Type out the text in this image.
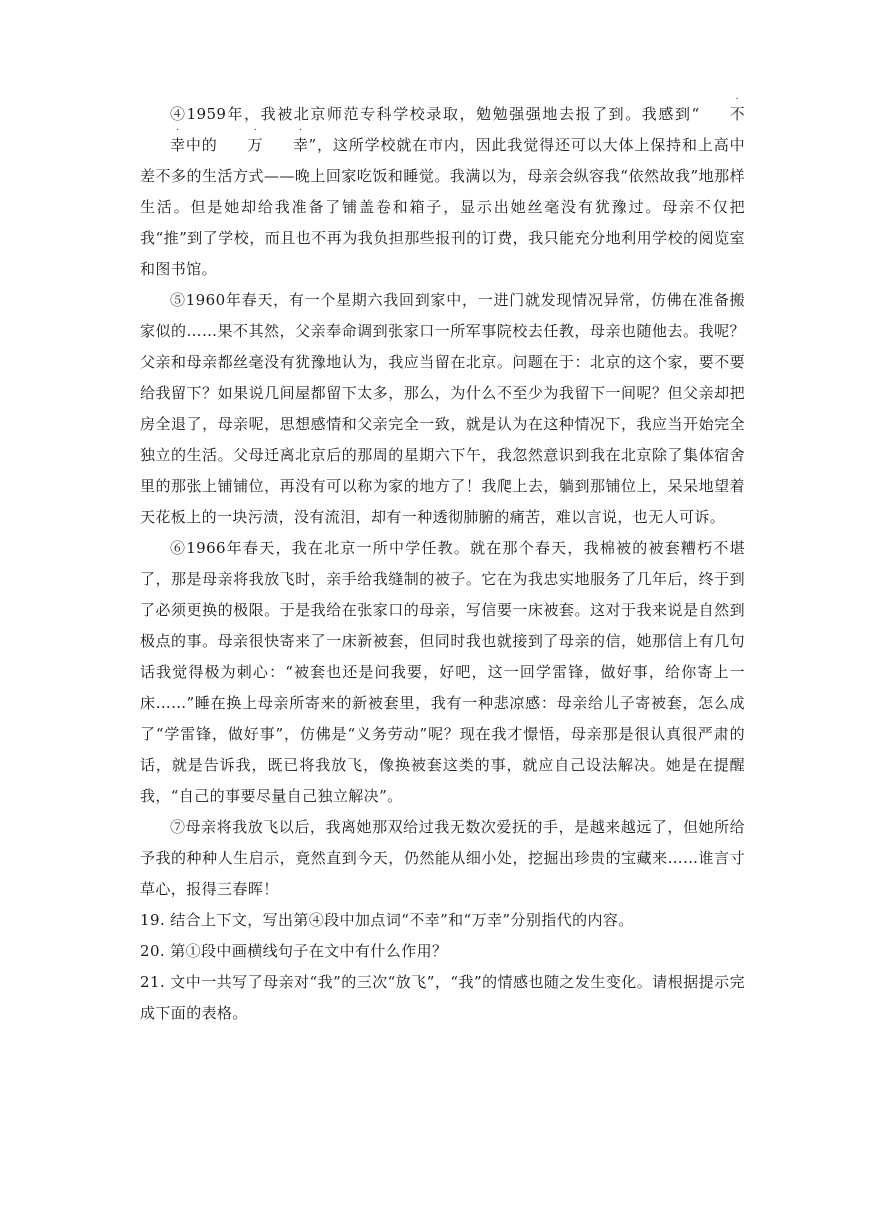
④1959年，我被北京师范专科学校录取，勉勉强强地去报了到。我感到“
.
不
.
幸中的
.
万
.
幸”，这所学校就在市内，因此我觉得还可以大体上保持和上高中差不多的生活方式——晚上回家吃饭和睡觉。我满以为，母亲会纵容我“依然故我”地那样生活。但是她却给我准备了铺盖卷和箱子，显示出她丝毫没有犹豫过。母亲不仅把我“推”到了学校，而且也不再为我负担那些报刊的订费，我只能充分地利用学校的阅览室和图书馆。

⑤1960年春天，有一个星期六我回到家中，一进门就发现情况异常，仿佛在准备搬家似的……果不其然，父亲奉命调到张家口一所军事院校去任教，母亲也随他去。我呢？父亲和母亲都丝毫没有犹豫地认为，我应当留在北京。问题在于：北京的这个家，要不要给我留下？如果说几间屋都留下太多，那么，为什么不至少为我留下一间呢？但父亲却把房全退了，母亲呢，思想感情和父亲完全一致，就是认为在这种情况下，我应当开始完全独立的生活。父母迁离北京后的那周的星期六下午，我忽然意识到我在北京除了集体宿舍里的那张上铺铺位，再没有可以称为家的地方了！我爬上去，躺到那铺位上，呆呆地望着天花板上的一块污渍，没有流泪，却有一种透彻肺腑的痛苦，难以言说，也无人可诉。

⑥1966年春天，我在北京一所中学任教。就在那个春天，我棉被的被套糟朽不堪了，那是母亲将我放飞时，亲手给我缝制的被子。它在为我忠实地服务了几年后，终于到了必须更换的极限。于是我给在张家口的母亲，写信要一床被套。这对于我来说是自然到极点的事。母亲很快寄来了一床新被套，但同时我也就接到了母亲的信，她那信上有几句话我觉得极为刺心：“被套也还是问我要，好吧，这一回学雷锋，做好事，给你寄上一床……”睡在换上母亲所寄来的新被套里，我有一种悲凉感：母亲给儿子寄被套，怎么成了“学雷锋，做好事”，仿佛是“义务劳动”呢？现在我才憬悟，母亲那是很认真很严肃的话，就是告诉我，既已将我放飞，像换被套这类的事，就应自己设法解决。她是在提醒我，“自己的事要尽量自己独立解决”。

⑦母亲将我放飞以后，我离她那双给过我无数次爱抚的手，是越来越远了，但她所给予我的种种人生启示，竟然直到今天，仍然能从细小处，挖掘出珍贵的宝藏来……谁言寸草心，报得三春晖！

19. 结合上下文，写出第④段中加点词“不幸”和“万幸”分别指代的内容。

20. 第①段中画横线句子在文中有什么作用？

21. 文中一共写了母亲对“我”的三次“放飞”，“我”的情感也随之发生变化。请根据提示完成下面的表格。
